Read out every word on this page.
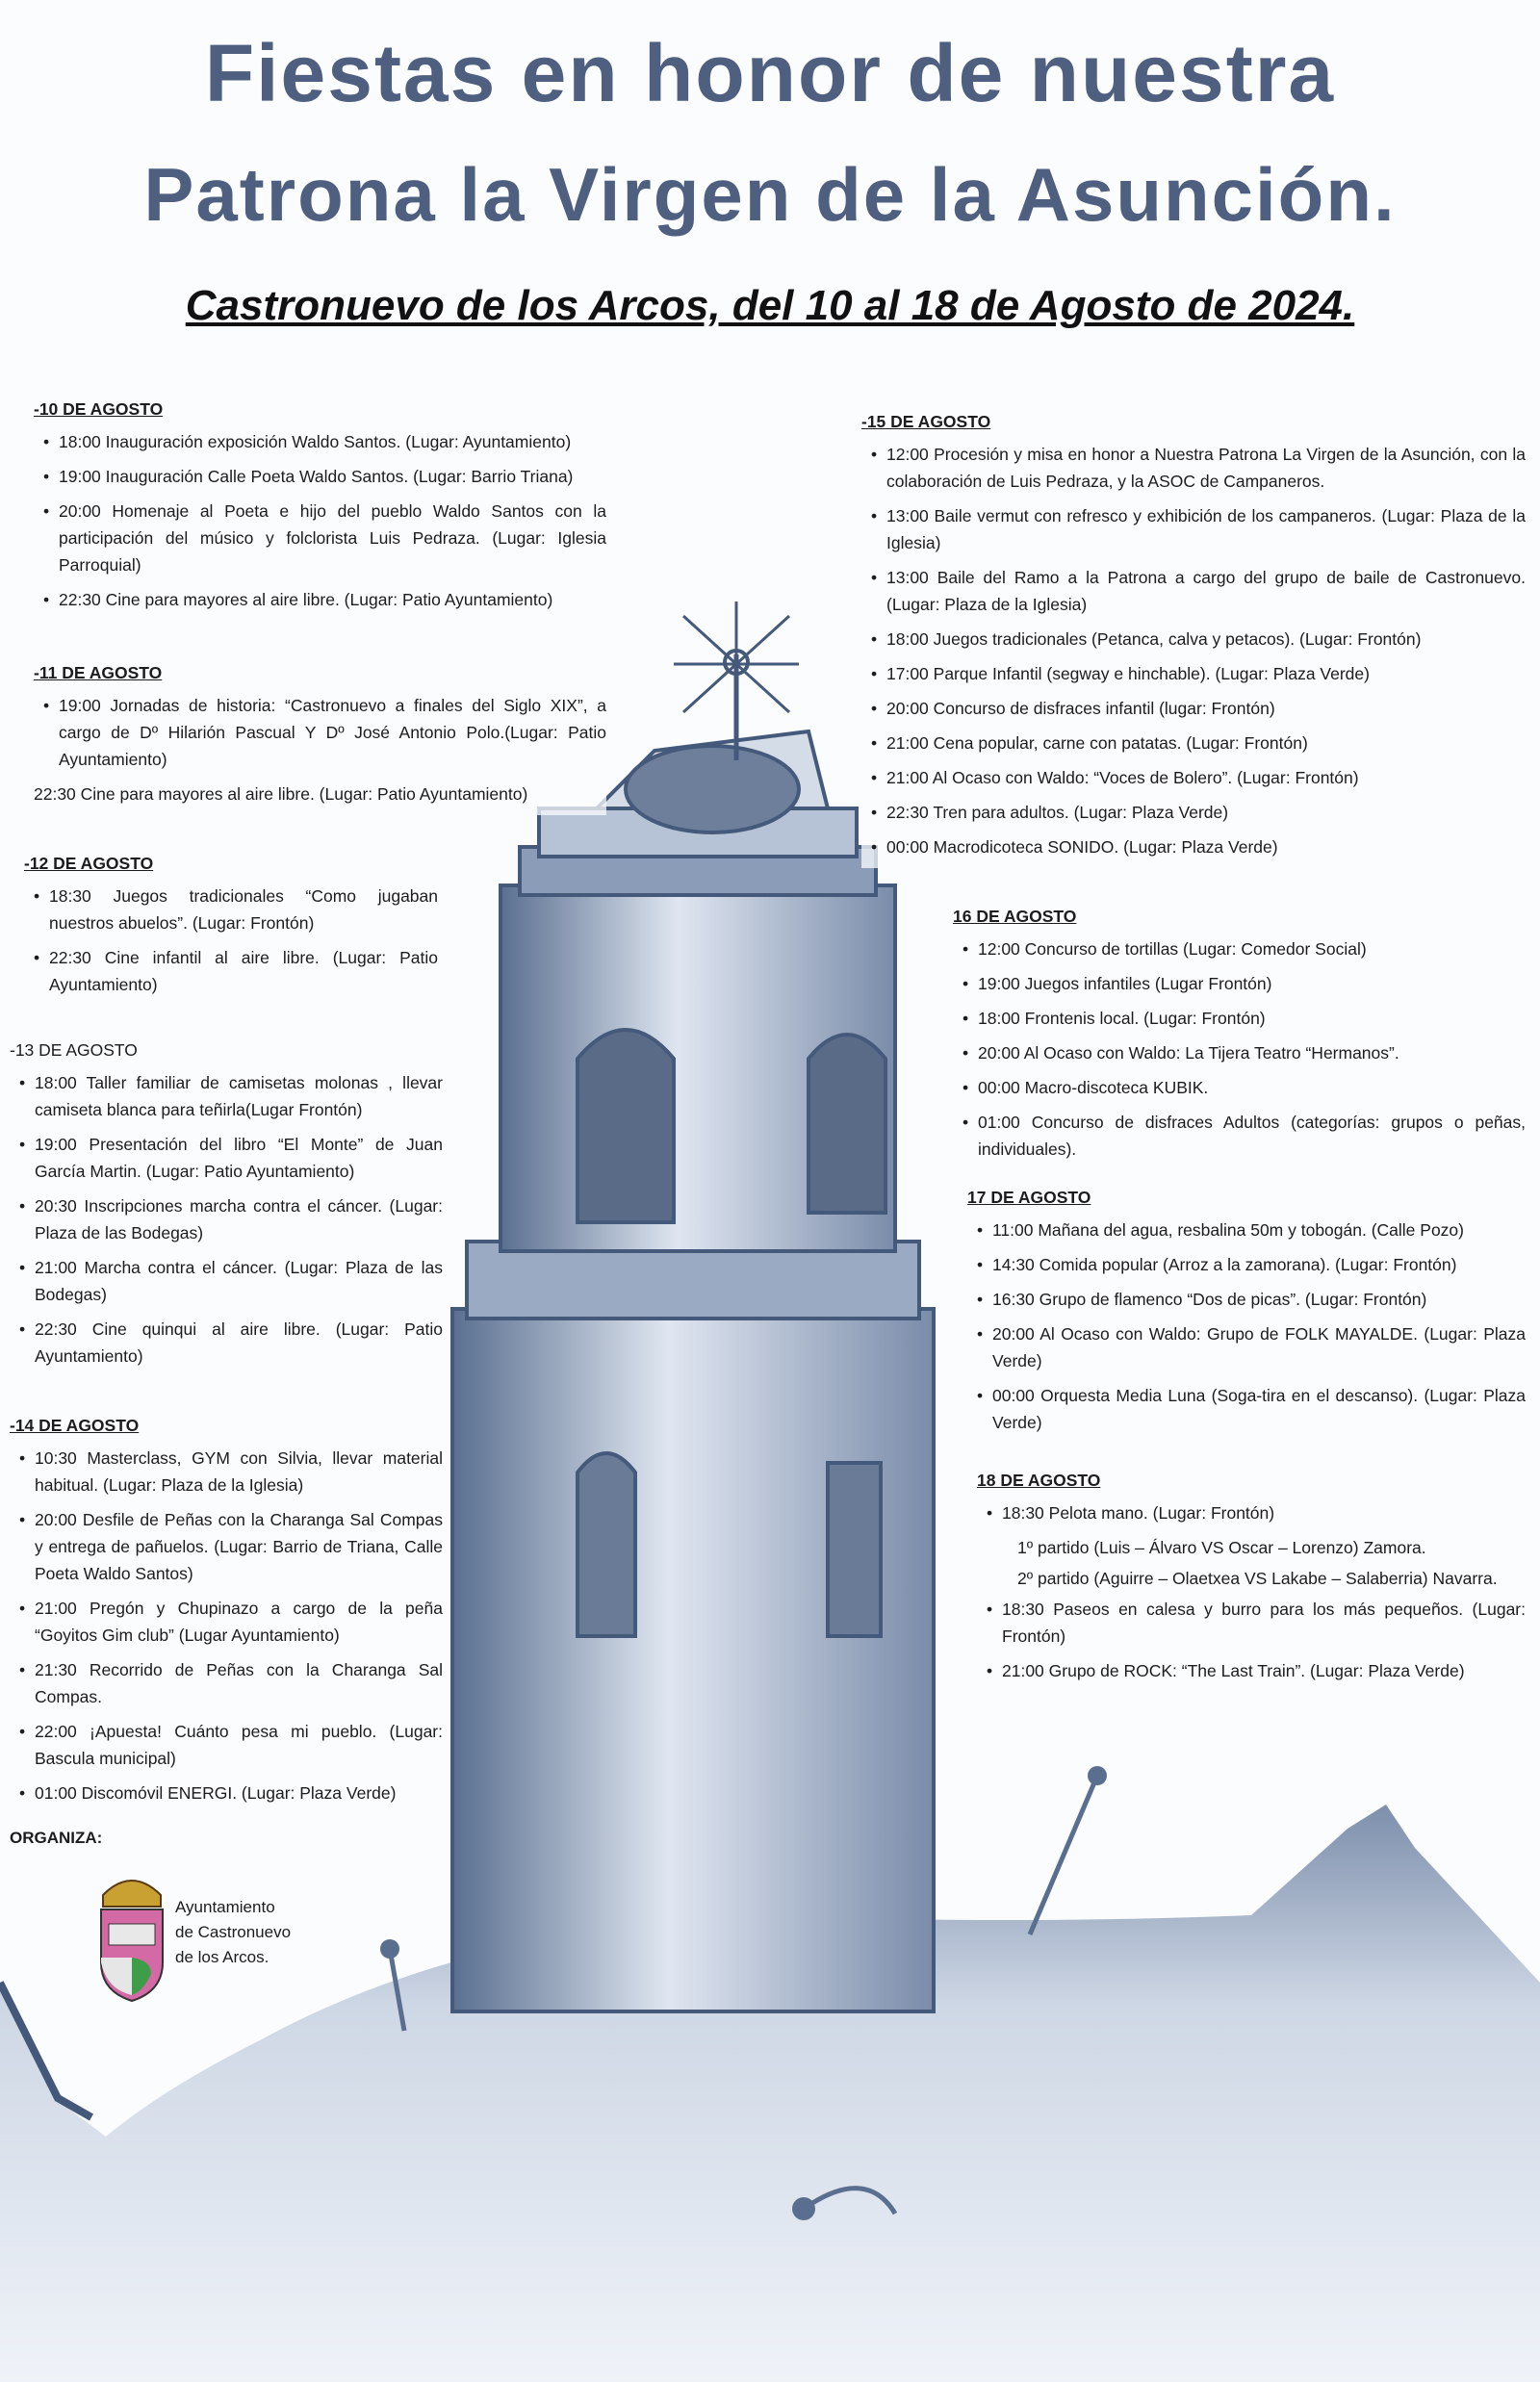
Fiestas en honor de nuestra
Patrona la Virgen de la Asunción.
Castronuevo de los Arcos, del 10 al 18 de Agosto de 2024.
-10 DE AGOSTO
• 18:00 Inauguración exposición Waldo Santos. (Lugar: Ayuntamiento)
• 19:00 Inauguración Calle Poeta Waldo Santos. (Lugar: Barrio Triana)
• 20:00 Homenaje al Poeta e hijo del pueblo Waldo Santos con la participación del músico y folclorista Luis Pedraza. (Lugar: Iglesia Parroquial)
• 22:30 Cine para mayores al aire libre. (Lugar: Patio Ayuntamiento)
-11 DE AGOSTO
• 19:00 Jornadas de historia: “Castronuevo a finales del Siglo XIX”, a cargo de Dº Hilarión Pascual Y Dº José Antonio Polo.(Lugar: Patio Ayuntamiento)
22:30 Cine para mayores al aire libre. (Lugar: Patio Ayuntamiento)
-12 DE AGOSTO
• 18:30 Juegos tradicionales “Como jugaban nuestros abuelos”. (Lugar: Frontón)
• 22:30 Cine infantil al aire libre. (Lugar: Patio Ayuntamiento)
-13 DE AGOSTO
• 18:00 Taller familiar de camisetas molonas , llevar camiseta blanca para teñirla(Lugar Frontón)
• 19:00 Presentación del libro “El Monte” de Juan García Martin. (Lugar: Patio Ayuntamiento)
• 20:30 Inscripciones marcha contra el cáncer. (Lugar: Plaza de las Bodegas)
• 21:00 Marcha contra el cáncer. (Lugar: Plaza de las Bodegas)
• 22:30 Cine quinqui al aire libre. (Lugar: Patio Ayuntamiento)
-14 DE AGOSTO
• 10:30 Masterclass, GYM con Silvia, llevar material habitual. (Lugar: Plaza de la Iglesia)
• 20:00 Desfile de Peñas con la Charanga Sal Compas y entrega de pañuelos. (Lugar: Barrio de Triana, Calle Poeta Waldo Santos)
• 21:00 Pregón y Chupinazo a cargo de la peña “Goyitos Gim club” (Lugar Ayuntamiento)
• 21:30 Recorrido de Peñas con la Charanga Sal Compas.
• 22:00 ¡Apuesta! Cuánto pesa mi pueblo. (Lugar: Bascula municipal)
• 01:00 Discomóvil ENERGI. (Lugar: Plaza Verde)
ORGANIZA:
Ayuntamiento
de Castronuevo
de los Arcos.
-15 DE AGOSTO
• 12:00 Procesión y misa en honor a Nuestra Patrona La Virgen de la Asunción, con la colaboración de Luis Pedraza, y la ASOC de Campaneros.
• 13:00 Baile vermut con refresco y exhibición de los campaneros. (Lugar: Plaza de la Iglesia)
• 13:00 Baile del Ramo a la Patrona a cargo del grupo de baile de Castronuevo. (Lugar: Plaza de la Iglesia)
• 18:00 Juegos tradicionales (Petanca, calva y petacos). (Lugar: Frontón)
• 17:00 Parque Infantil (segway e hinchable). (Lugar: Plaza Verde)
• 20:00 Concurso de disfraces infantil (lugar: Frontón)
• 21:00 Cena popular, carne con patatas. (Lugar: Frontón)
• 21:00 Al Ocaso con Waldo: “Voces de Bolero”. (Lugar: Frontón)
• 22:30 Tren para adultos. (Lugar: Plaza Verde)
• 00:00 Macrodicoteca SONIDO. (Lugar: Plaza Verde)
16 DE AGOSTO
• 12:00 Concurso de tortillas (Lugar: Comedor Social)
• 19:00 Juegos infantiles (Lugar Frontón)
• 18:00 Frontenis local. (Lugar: Frontón)
• 20:00 Al Ocaso con Waldo: La Tijera Teatro “Hermanos”.
• 00:00 Macro-discoteca KUBIK.
• 01:00 Concurso de disfraces Adultos (categorías: grupos o peñas, individuales).
17 DE AGOSTO
• 11:00 Mañana del agua, resbalina 50m y tobogán. (Calle Pozo)
• 14:30 Comida popular (Arroz a la zamorana). (Lugar: Frontón)
• 16:30 Grupo de flamenco “Dos de picas”. (Lugar: Frontón)
• 20:00 Al Ocaso con Waldo: Grupo de FOLK MAYALDE. (Lugar: Plaza Verde)
• 00:00 Orquesta Media Luna (Soga-tira en el descanso). (Lugar: Plaza Verde)
18 DE AGOSTO
• 18:30 Pelota mano. (Lugar: Frontón)
1º partido (Luis – Álvaro VS Oscar – Lorenzo) Zamora.
2º partido (Aguirre – Olaetxea VS Lakabe – Salaberria) Navarra.
• 18:30 Paseos en calesa y burro para los más pequeños. (Lugar: Frontón)
• 21:00 Grupo de ROCK: “The Last Train”. (Lugar: Plaza Verde)
